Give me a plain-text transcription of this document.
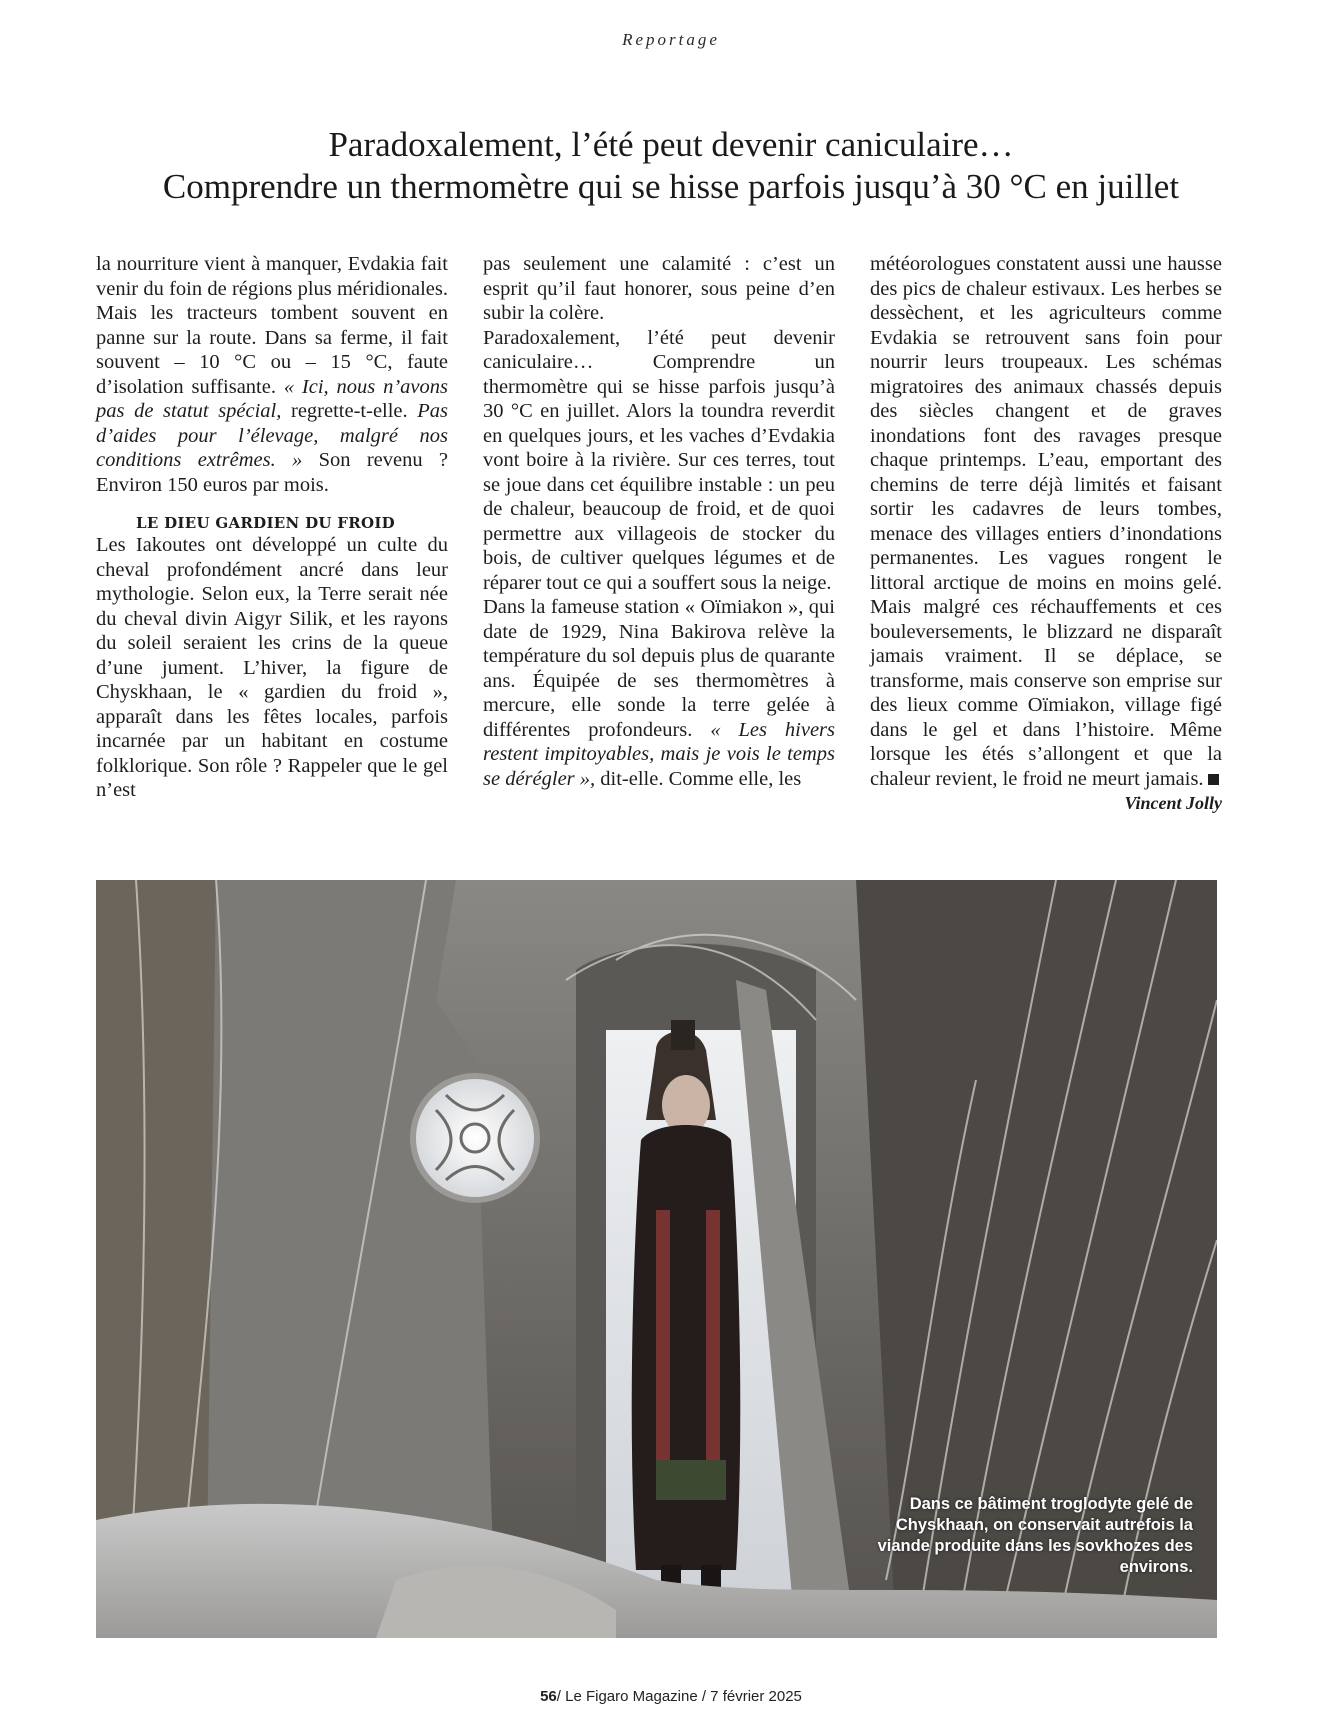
Reportage
Paradoxalement, l’été peut devenir caniculaire…
Comprendre un thermomètre qui se hisse parfois jusqu’à 30 °C en juillet

la nourriture vient à manquer, Evdakia fait venir du foin de régions plus méridionales. Mais les tracteurs tombent souvent en panne sur la route. Dans sa ferme, il fait souvent – 10 °C ou – 15 °C, faute d’isolation suffisante. « Ici, nous n’avons pas de statut spécial, regrette-t-elle. Pas d’aides pour l’élevage, malgré nos conditions extrêmes. » Son revenu ? Environ 150 euros par mois.

LE DIEU GARDIEN DU FROID

Les Iakoutes ont développé un culte du cheval profondément ancré dans leur mythologie. Selon eux, la Terre serait née du cheval divin Aigyr Silik, et les rayons du soleil seraient les crins de la queue d’une jument. L’hiver, la figure de Chyskhaan, le « gardien du froid », apparaît dans les fêtes locales, parfois incarnée par un habitant en costume folklorique. Son rôle ? Rappeler que le gel n’est

pas seulement une calamité : c’est un esprit qu’il faut honorer, sous peine d’en subir la colère.

Paradoxalement, l’été peut devenir caniculaire… Comprendre un thermomètre qui se hisse parfois jusqu’à 30 °C en juillet. Alors la toundra reverdit en quelques jours, et les vaches d’Evdakia vont boire à la rivière. Sur ces terres, tout se joue dans cet équilibre instable : un peu de chaleur, beaucoup de froid, et de quoi permettre aux villageois de stocker du bois, de cultiver quelques légumes et de réparer tout ce qui a souffert sous la neige.

Dans la fameuse station « Oïmiakon », qui date de 1929, Nina Bakirova relève la température du sol depuis plus de quarante ans. Équipée de ses thermomètres à mercure, elle sonde la terre gelée à différentes profondeurs. « Les hivers restent impitoyables, mais je vois le temps se dérégler », dit-elle. Comme elle, les

météorologues constatent aussi une hausse des pics de chaleur estivaux. Les herbes se dessèchent, et les agriculteurs comme Evdakia se retrouvent sans foin pour nourrir leurs troupeaux. Les schémas migratoires des animaux chassés depuis des siècles changent et de graves inondations font des ravages presque chaque printemps. L’eau, emportant des chemins de terre déjà limités et faisant sortir les cadavres de leurs tombes, menace des villages entiers d’inondations permanentes. Les vagues rongent le littoral arctique de moins en moins gelé. Mais malgré ces réchauffements et ces bouleversements, le blizzard ne disparaît jamais vraiment. Il se déplace, se transforme, mais conserve son emprise sur des lieux comme Oïmiakon, village figé dans le gel et dans l’histoire. Même lorsque les étés s’allongent et que la chaleur revient, le froid ne meurt jamais.
Vincent Jolly

Dans ce bâtiment troglodyte gelé de Chyskhaan, on conservait autrefois la viande produite dans les sovkhozes des environs.
56/ Le Figaro Magazine / 7 février 2025
